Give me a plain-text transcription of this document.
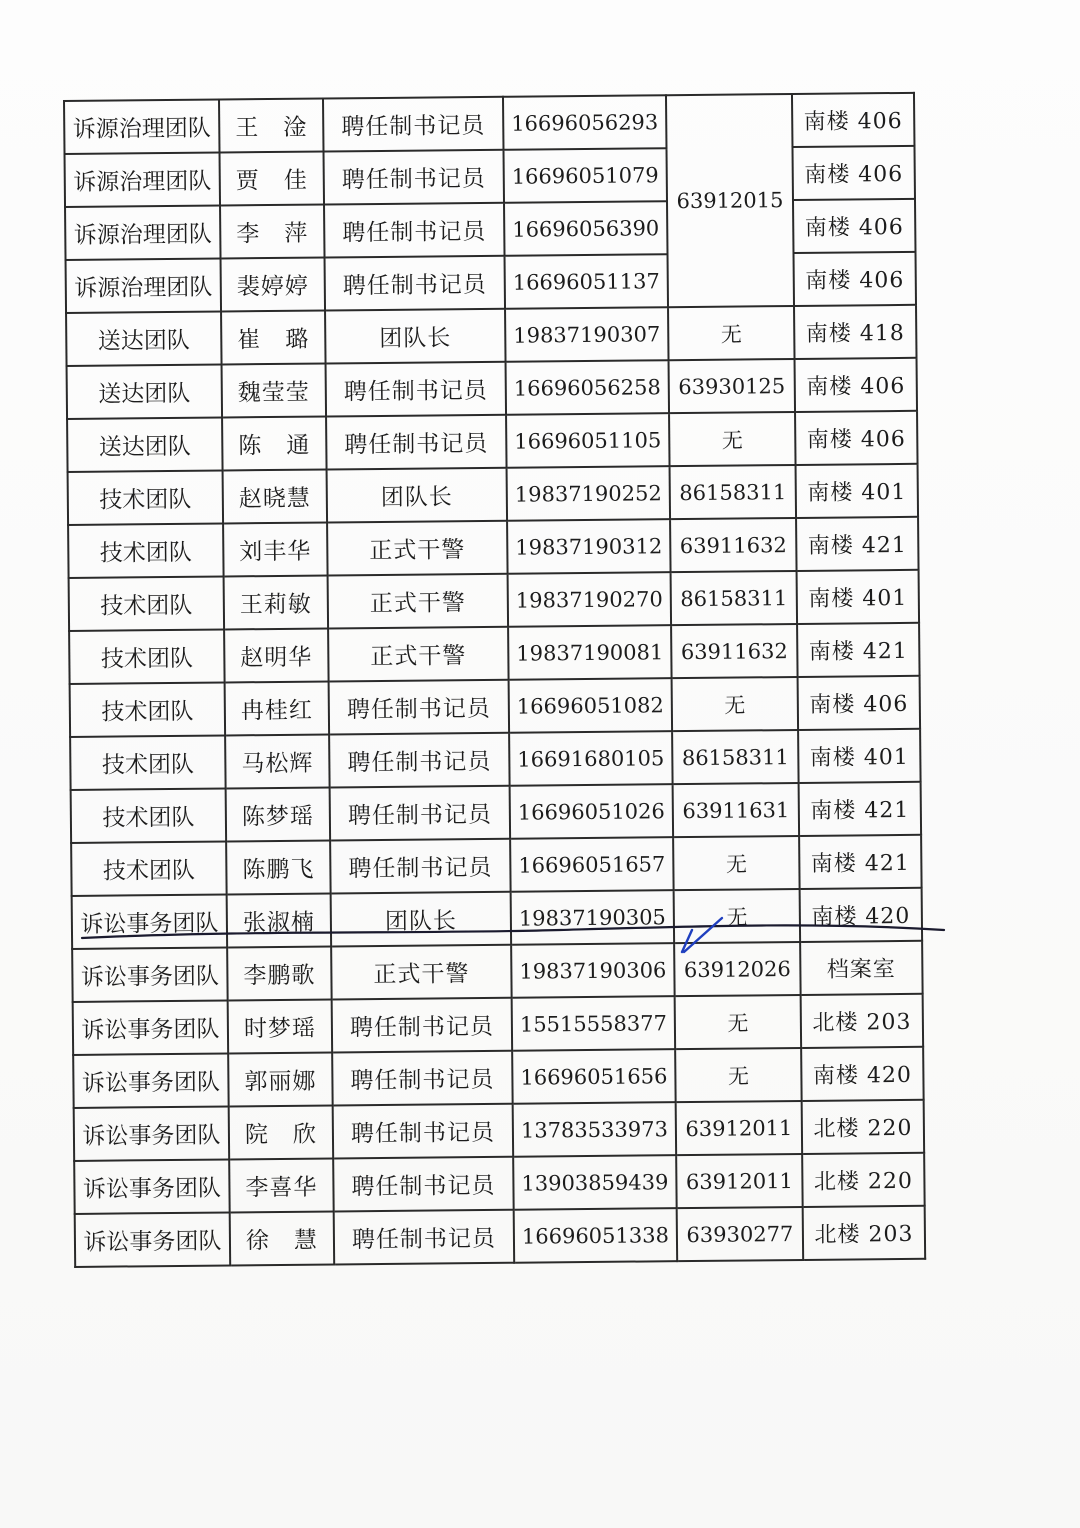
诉源治理团队	王　淦	聘任制书记员	16696056293	63912015	南楼 406
诉源治理团队	贾　佳	聘任制书记员	16696051079		南楼 406
诉源治理团队	李　萍	聘任制书记员	16696056390		南楼 406
诉源治理团队	裴婷婷	聘任制书记员	16696051137		南楼 406
送达团队	崔　璐	团队长	19837190307	无	南楼 418
送达团队	魏莹莹	聘任制书记员	16696056258	63930125	南楼 406
送达团队	陈　通	聘任制书记员	16696051105	无	南楼 406
技术团队	赵晓慧	团队长	19837190252	86158311	南楼 401
技术团队	刘丰华	正式干警	19837190312	63911632	南楼 421
技术团队	王莉敏	正式干警	19837190270	86158311	南楼 401
技术团队	赵明华	正式干警	19837190081	63911632	南楼 421
技术团队	冉桂红	聘任制书记员	16696051082	无	南楼 406
技术团队	马松辉	聘任制书记员	16691680105	86158311	南楼 401
技术团队	陈梦瑶	聘任制书记员	16696051026	63911631	南楼 421
技术团队	陈鹏飞	聘任制书记员	16696051657	无	南楼 421
诉讼事务团队	张淑楠	团队长	19837190305	无	南楼 420
诉讼事务团队	李鹏歌	正式干警	19837190306	63912026	档案室
诉讼事务团队	时梦瑶	聘任制书记员	15515558377	无	北楼 203
诉讼事务团队	郭丽娜	聘任制书记员	16696051656	无	南楼 420
诉讼事务团队	院　欣	聘任制书记员	13783533973	63912011	北楼 220
诉讼事务团队	李喜华	聘任制书记员	13903859439	63912011	北楼 220
诉讼事务团队	徐　慧	聘任制书记员	16696051338	63930277	北楼 203
